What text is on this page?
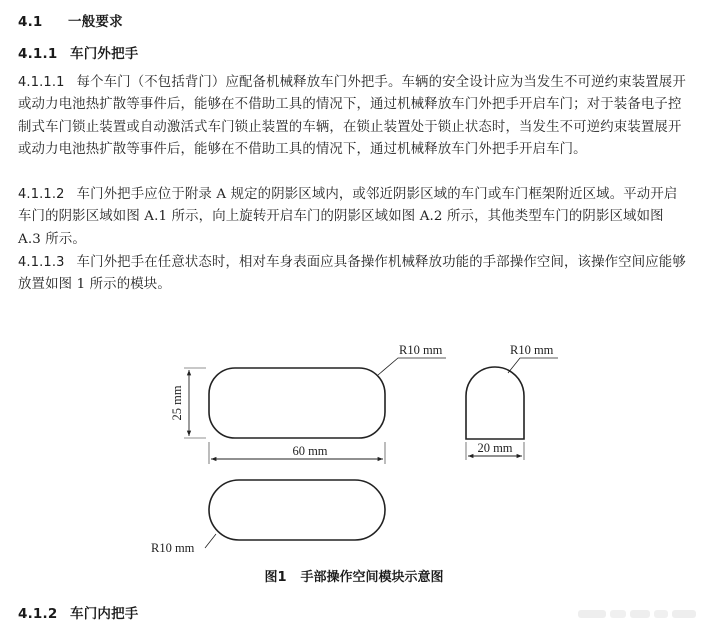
4.1 一般要求
4.1.1 车门外把手
4.1.1.1 每个车门（不包括背门）应配备机械释放车门外把手。车辆的安全设计应为当发生不可逆约束装置展开或动力电池热扩散等事件后，能够在不借助工具的情况下，通过机械释放车门外把手开启车门；对于装备电子控制式车门锁止装置或自动激活式车门锁止装置的车辆，在锁止装置处于锁止状态时，当发生不可逆约束装置展开或动力电池热扩散等事件后，能够在不借助工具的情况下，通过机械释放车门外把手开启车门。
4.1.1.2 车门外把手应位于附录 A 规定的阴影区域内，或邻近阴影区域的车门或车门框架附近区域。平动开启车门的阴影区域如图 A.1 所示，向上旋转开启车门的阴影区域如图 A.2 所示，其他类型车门的阴影区域如图 A.3 所示。
4.1.1.3 车门外把手在任意状态时，相对车身表面应具备操作机械释放功能的手部操作空间，该操作空间应能够放置如图 1 所示的模块。
25 mm
60 mm
R10 mm
20 mm
R10 mm
R10 mm
图1 手部操作空间模块示意图
4.1.2 车门内把手
